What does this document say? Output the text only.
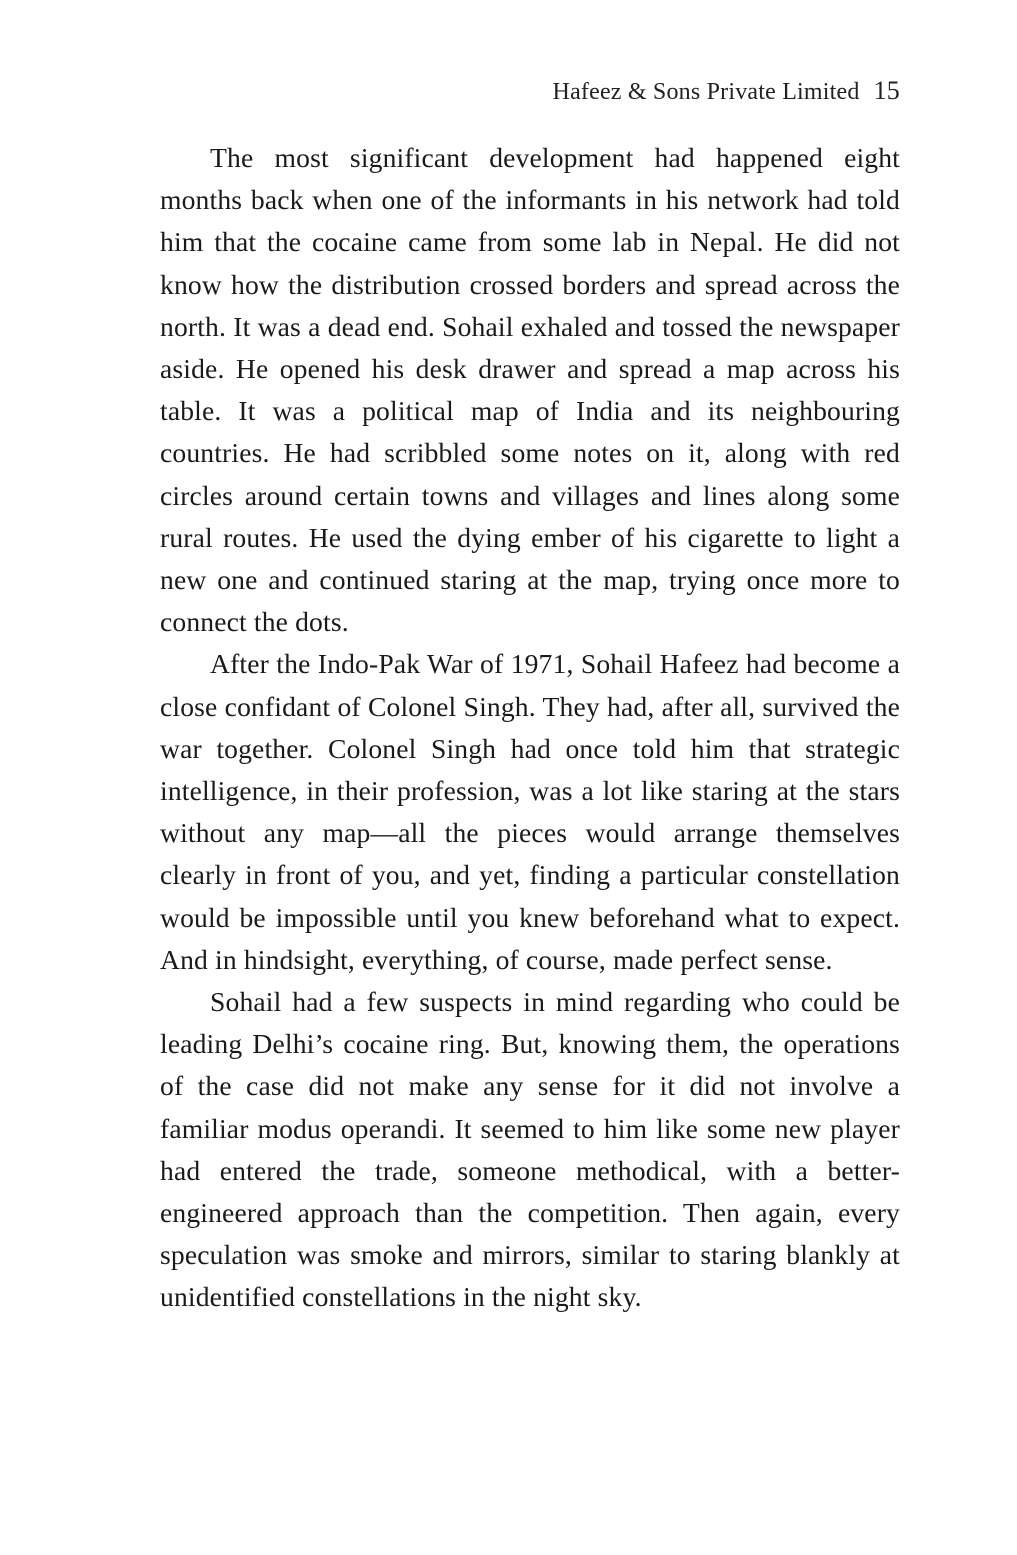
Hafeez & Sons Private Limited 15

The most significant development had happened eight months back when one of the informants in his network had told him that the cocaine came from some lab in Nepal. He did not know how the distribution crossed borders and spread across the north. It was a dead end. Sohail exhaled and tossed the newspaper aside. He opened his desk drawer and spread a map across his table. It was a political map of India and its neighbouring countries. He had scribbled some notes on it, along with red circles around certain towns and villages and lines along some rural routes. He used the dying ember of his cigarette to light a new one and continued staring at the map, trying once more to connect the dots.

After the Indo-Pak War of 1971, Sohail Hafeez had become a close confidant of Colonel Singh. They had, after all, survived the war together. Colonel Singh had once told him that strategic intelligence, in their profession, was a lot like staring at the stars without any map—all the pieces would arrange themselves clearly in front of you, and yet, finding a particular constellation would be impossible until you knew beforehand what to expect. And in hindsight, everything, of course, made perfect sense.

Sohail had a few suspects in mind regarding who could be leading Delhi’s cocaine ring. But, knowing them, the operations of the case did not make any sense for it did not involve a familiar modus operandi. It seemed to him like some new player had entered the trade, someone methodical, with a better-engineered approach than the competition. Then again, every speculation was smoke and mirrors, similar to staring blankly at unidentified constellations in the night sky.
